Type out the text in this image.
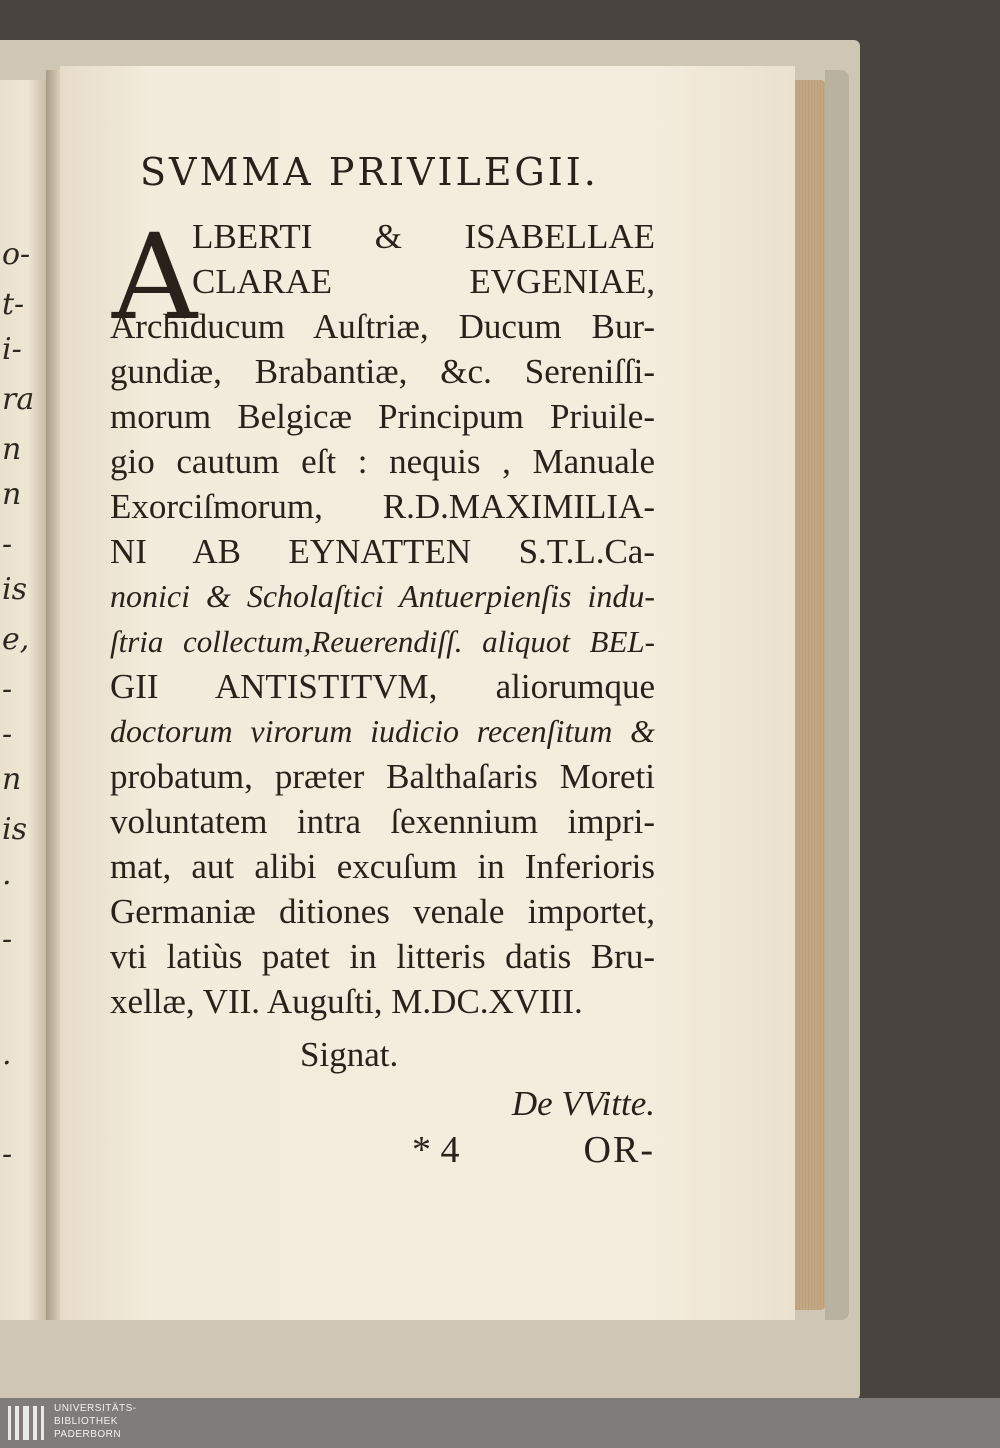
o-
t-
i-
ra
n
n
-
is
e,
-
-
n
is
.
-
.
-
SVMMA PRIVILEGII.
A
LBERTI & ISABELLAE
CLARAE EVGENIAE,
Archiducum Auſtriæ, Ducum Bur-
gundiæ, Brabantiæ, &c. Sereniſſi-
morum Belgicæ Principum Priuile-
gio cautum eſt : nequis , Manuale
Exorciſmorum, R.D.MAXIMILIA-
NI AB EYNATTEN S.T.L.Ca-
nonici & Scholaſtici Antuerpienſis indu-
ſtria collectum,Reuerendiſſ. aliquot BEL-
GII ANTISTITVM, aliorumque
doctorum virorum iudicio recenſitum &
probatum, præter Balthaſaris Moreti
voluntatem intra ſexennium impri-
mat, aut alibi excuſum in Inferioris
Germaniæ ditiones venale importet,
vti latiùs patet in litteris datis Bru-
xellæ, VII. Auguſti, M.DC.XVIII.
Signat.
De VVitte.
* 4	OR-
UNIVERSITÄTS-
BIBLIOTHEK
PADERBORN
